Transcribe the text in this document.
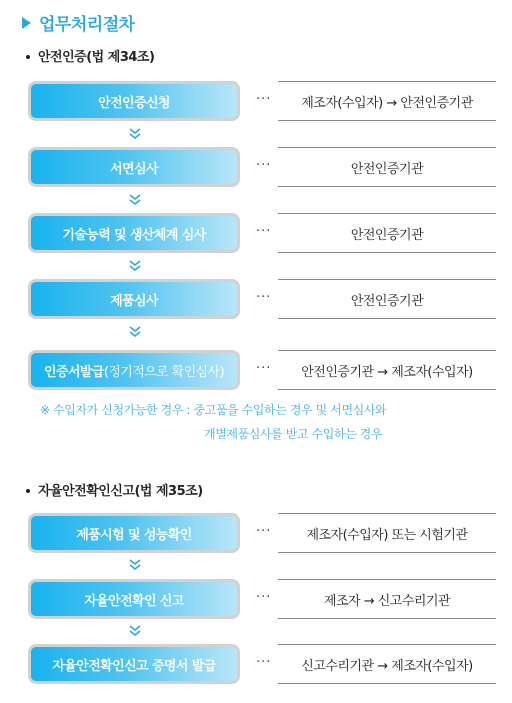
업무처리절차
안전인증(법 제34조)
안전인증신청	···	제조자(수입자) → 안전인증기관
서면심사	···	안전인증기관
기술능력 및 생산체계 심사	···	안전인증기관
제품심사	···	안전인증기관
인증서발급 (정기적으로 확인심사) ···	안전인증기관 → 제조자(수입자)
※ 수입자가 신청가능한 경우 : 중고품을 수입하는 경우 및 서면심사와
개별제품심사를 받고 수입하는 경우
자율안전확인신고(법 제35조)
제품시험 및 성능확인	···	제조자(수입자) 또는 시험기관
자율안전확인 신고	···	제조자 → 신고수리기관
자율안전확인신고 증명서 발급	···	신고수리기관 → 제조자(수입자)
